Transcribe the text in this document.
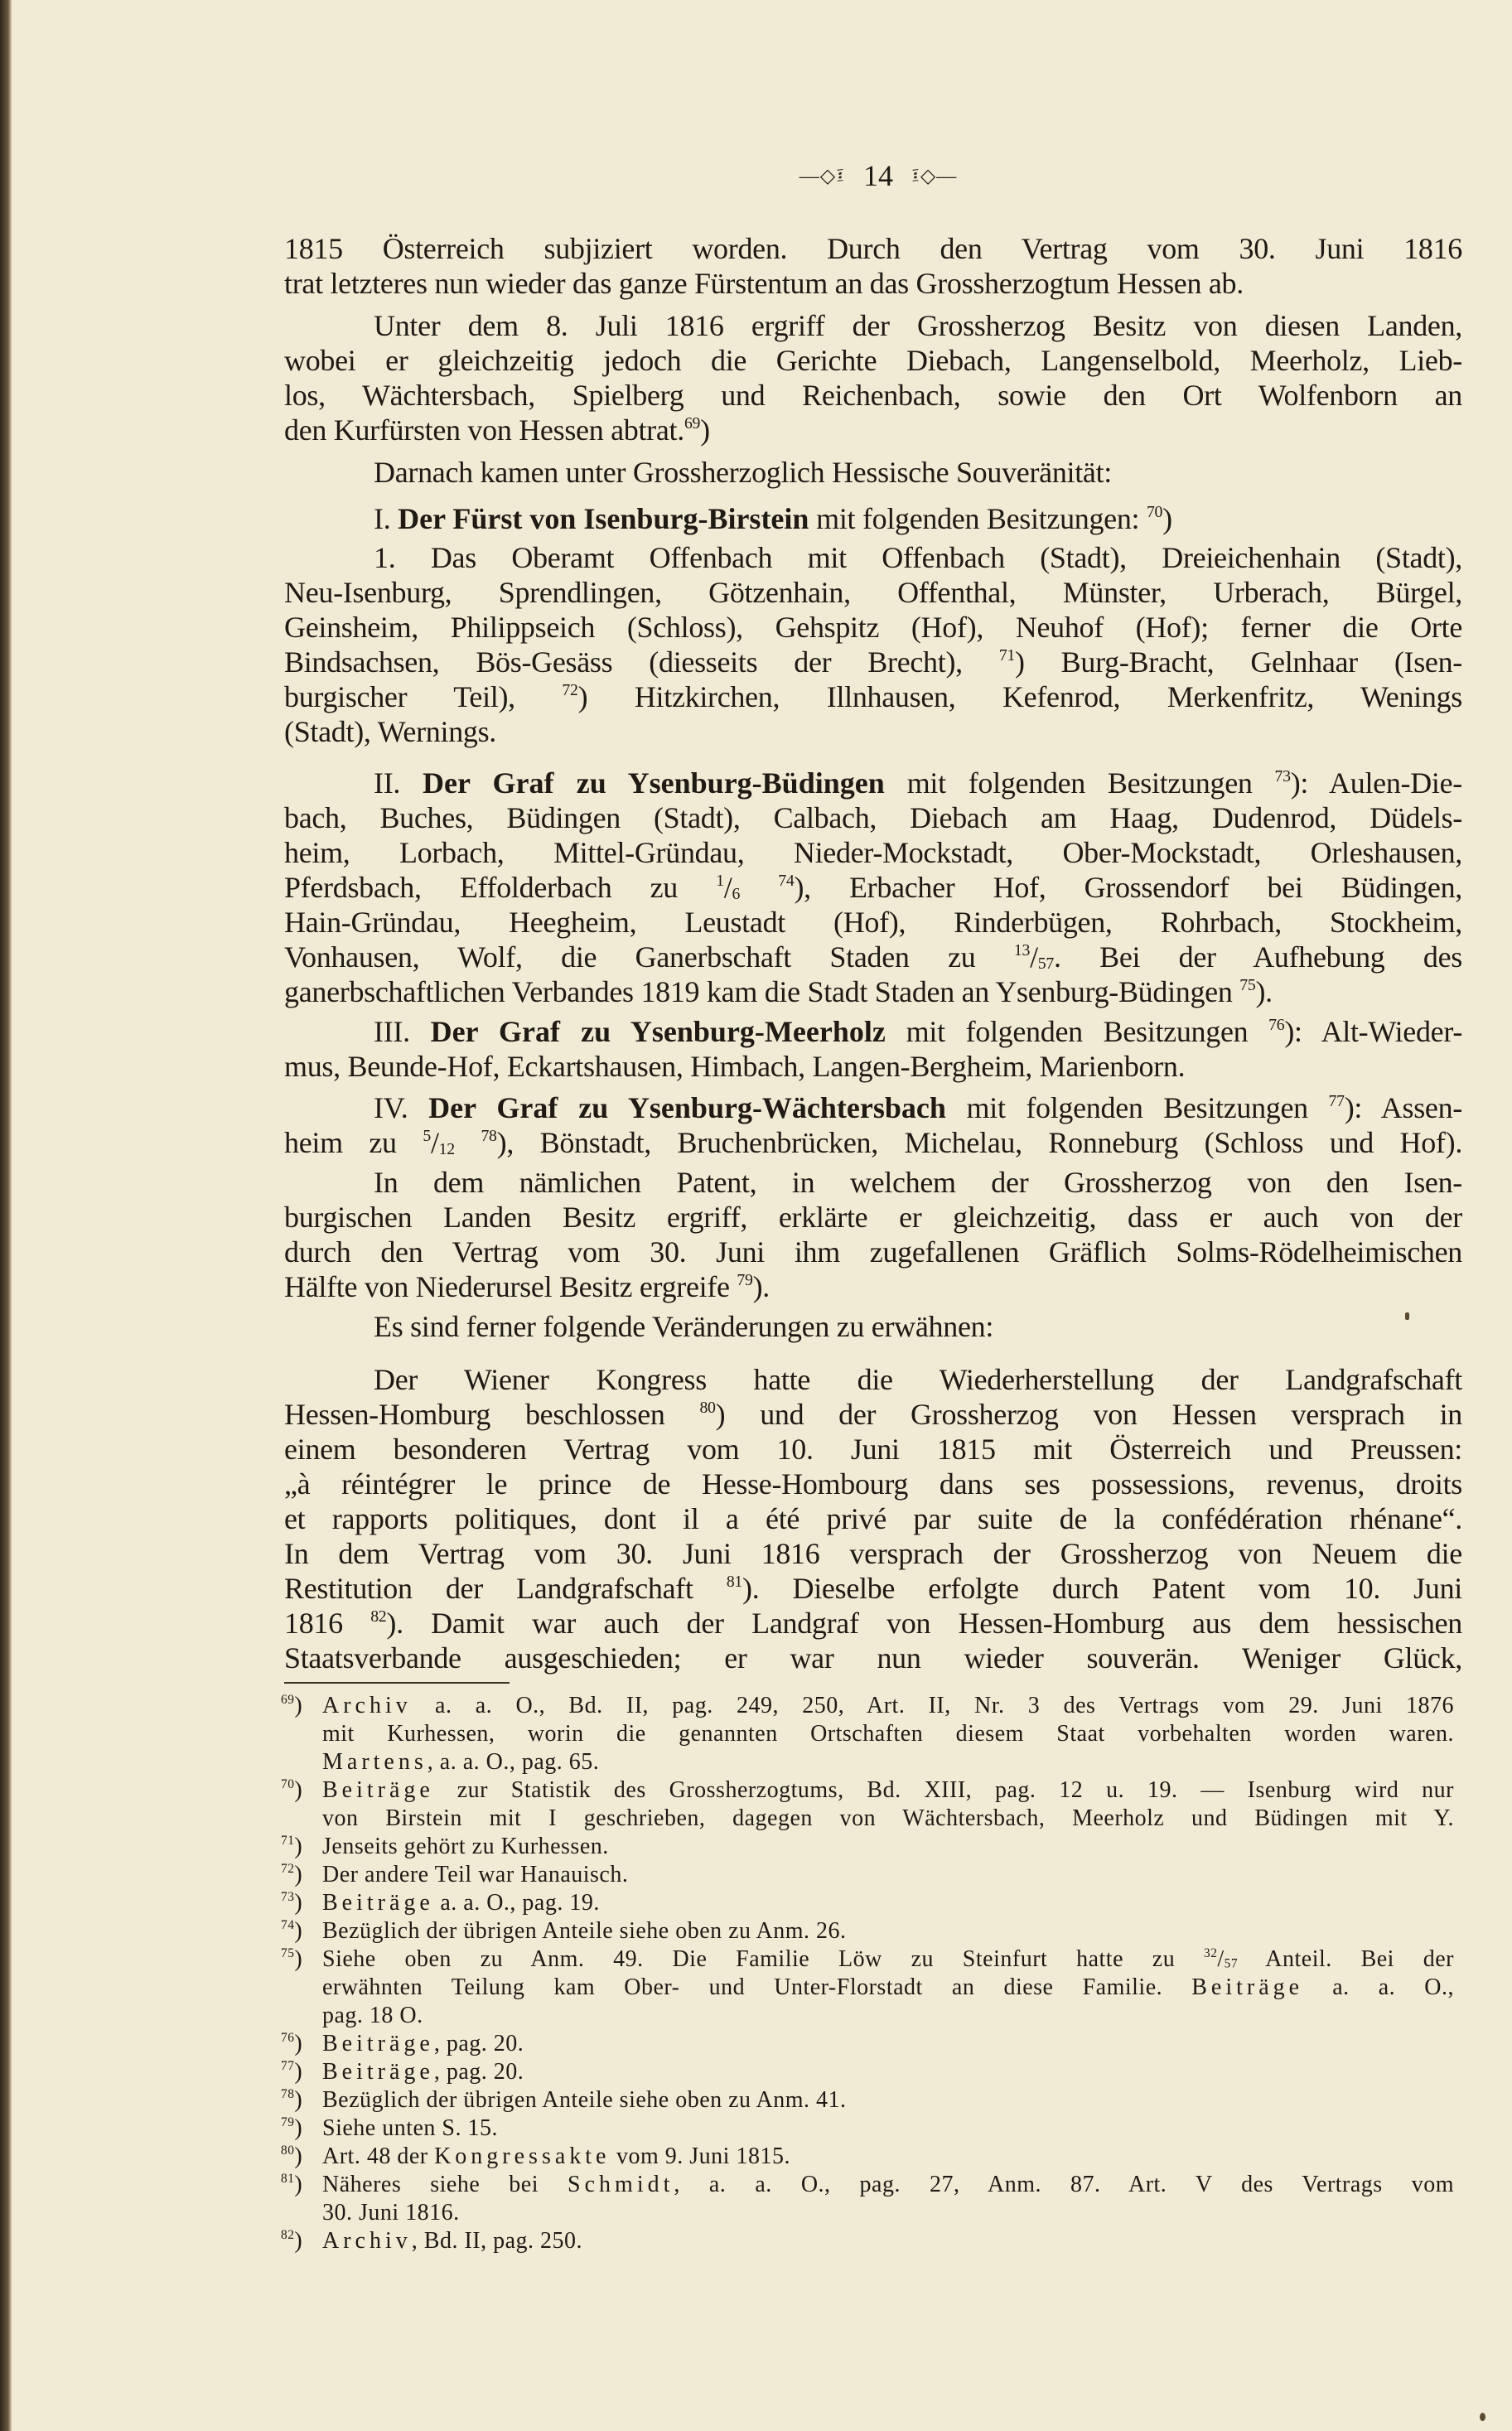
—◇፤ 14 ፤◇—
1815 Österreich subjiziert worden. Durch den Vertrag vom 30. Juni 1816
trat letzteres nun wieder das ganze Fürstentum an das Grossherzogtum Hessen ab.
Unter dem 8. Juli 1816 ergriff der Grossherzog Besitz von diesen Landen,
wobei er gleichzeitig jedoch die Gerichte Diebach, Langenselbold, Meerholz, Lieb-
los, Wächtersbach, Spielberg und Reichenbach, sowie den Ort Wolfenborn an
den Kurfürsten von Hessen abtrat.$^{69}$)
Darnach kamen unter Grossherzoglich Hessische Souveränität:
I. Der Fürst von Isenburg-Birstein mit folgenden Besitzungen: $^{70}$)
1. Das Oberamt Offenbach mit Offenbach (Stadt), Dreieichenhain (Stadt),
Neu-Isenburg, Sprendlingen, Götzenhain, Offenthal, Münster, Urberach, Bürgel,
Geinsheim, Philippseich (Schloss), Gehspitz (Hof), Neuhof (Hof); ferner die Orte
Bindsachsen, Bös-Gesäss (diesseits der Brecht), $^{71}$) Burg-Bracht, Gelnhaar (Isen-
burgischer Teil), $^{72}$) Hitzkirchen, Illnhausen, Kefenrod, Merkenfritz, Wenings
(Stadt), Wernings.
II. Der Graf zu Ysenburg-Büdingen mit folgenden Besitzungen $^{73}$): Aulen-Die-
bach, Buches, Büdingen (Stadt), Calbach, Diebach am Haag, Dudenrod, Düdels-
heim, Lorbach, Mittel-Gründau, Nieder-Mockstadt, Ober-Mockstadt, Orleshausen,
Pferdsbach, Effolderbach zu $^1/_6$ $^{74}$), Erbacher Hof, Grossendorf bei Büdingen,
Hain-Gründau, Heegheim, Leustadt (Hof), Rinderbügen, Rohrbach, Stockheim,
Vonhausen, Wolf, die Ganerbschaft Staden zu $^{13}/_{57}$. Bei der Aufhebung des
ganerbschaftlichen Verbandes 1819 kam die Stadt Staden an Ysenburg-Büdingen $^{75}$).
III. Der Graf zu Ysenburg-Meerholz mit folgenden Besitzungen $^{76}$): Alt-Wieder-
mus, Beunde-Hof, Eckartshausen, Himbach, Langen-Bergheim, Marienborn.
IV. Der Graf zu Ysenburg-Wächtersbach mit folgenden Besitzungen $^{77}$): Assen-
heim zu $^5/_{12}$ $^{78}$), Bönstadt, Bruchenbrücken, Michelau, Ronneburg (Schloss und Hof).
In dem nämlichen Patent, in welchem der Grossherzog von den Isen-
burgischen Landen Besitz ergriff, erklärte er gleichzeitig, dass er auch von der
durch den Vertrag vom 30. Juni ihm zugefallenen Gräflich Solms-Rödelheimischen
Hälfte von Niederursel Besitz ergreife $^{79}$).
Es sind ferner folgende Veränderungen zu erwähnen:
Der Wiener Kongress hatte die Wiederherstellung der Landgrafschaft
Hessen-Homburg beschlossen $^{80}$) und der Grossherzog von Hessen versprach in
einem besonderen Vertrag vom 10. Juni 1815 mit Österreich und Preussen:
„à réintégrer le prince de Hesse-Hombourg dans ses possessions, revenus, droits
et rapports politiques, dont il a été privé par suite de la confédération rhénane“.
In dem Vertrag vom 30. Juni 1816 versprach der Grossherzog von Neuem die
Restitution der Landgrafschaft $^{81}$). Dieselbe erfolgte durch Patent vom 10. Juni
1816 $^{82}$). Damit war auch der Landgraf von Hessen-Homburg aus dem hessischen
Staatsverbande ausgeschieden; er war nun wieder souverän. Weniger Glück,
$^{69}$) Archiv a. a. O., Bd. II, pag. 249, 250, Art. II, Nr. 3 des Vertrags vom 29. Juni 1876
mit Kurhessen, worin die genannten Ortschaften diesem Staat vorbehalten worden waren.
Martens, a. a. O., pag. 65.
$^{70}$) Beiträge zur Statistik des Grossherzogtums, Bd. XIII, pag. 12 u. 19. — Isenburg wird nur
von Birstein mit I geschrieben, dagegen von Wächtersbach, Meerholz und Büdingen mit Y.
$^{71}$) Jenseits gehört zu Kurhessen.
$^{72}$) Der andere Teil war Hanauisch.
$^{73}$) Beiträge a. a. O., pag. 19.
$^{74}$) Bezüglich der übrigen Anteile siehe oben zu Anm. 26.
$^{75}$) Siehe oben zu Anm. 49. Die Familie Löw zu Steinfurt hatte zu $^{32}/_{57}$ Anteil. Bei der
erwähnten Teilung kam Ober- und Unter-Florstadt an diese Familie. Beiträge a. a. O.,
pag. 18 O.
$^{76}$) Beiträge, pag. 20.
$^{77}$) Beiträge, pag. 20.
$^{78}$) Bezüglich der übrigen Anteile siehe oben zu Anm. 41.
$^{79}$) Siehe unten S. 15.
$^{80}$) Art. 48 der Kongressakte vom 9. Juni 1815.
$^{81}$) Näheres siehe bei Schmidt, a. a. O., pag. 27, Anm. 87. Art. V des Vertrags vom
30. Juni 1816.
$^{82}$) Archiv, Bd. II, pag. 250.
